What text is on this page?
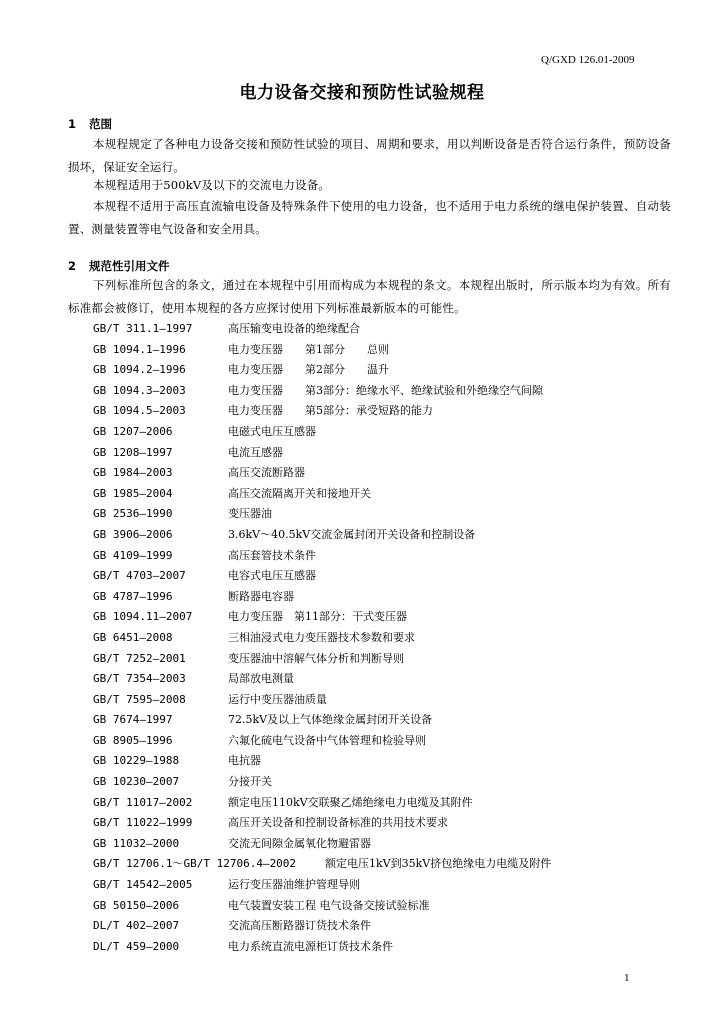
Q/GXD 126.01-2009
电力设备交接和预防性试验规程
1 范围
本规程规定了各种电力设备交接和预防性试验的项目、周期和要求，用以判断设备是否符合运行条件，预防设备损坏，保证安全运行。
本规程适用于500kV及以下的交流电力设备。
本规程不适用于高压直流输电设备及特殊条件下使用的电力设备，也不适用于电力系统的继电保护装置、自动装置、测量装置等电气设备和安全用具。
2 规范性引用文件
下列标准所包含的条文，通过在本规程中引用而构成为本规程的条文。本规程出版时，所示版本均为有效。所有标准都会被修订，使用本规程的各方应探讨使用下列标准最新版本的可能性。
GB/T 311.1—1997	高压输变电设备的绝缘配合
GB 1094.1—1996	电力变压器　　第1部分　　总则
GB 1094.2—1996	电力变压器　　第2部分　　温升
GB 1094.3—2003	电力变压器　　第3部分：绝缘水平、绝缘试验和外绝缘空气间隙
GB 1094.5—2003	电力变压器　　第5部分：承受短路的能力
GB 1207—2006	电磁式电压互感器
GB 1208—1997	电流互感器
GB 1984—2003	高压交流断路器
GB 1985—2004	高压交流隔离开关和接地开关
GB 2536—1990	变压器油
GB 3906—2006	3.6kV～40.5kV交流金属封闭开关设备和控制设备
GB 4109—1999	高压套管技术条件
GB/T 4703—2007	电容式电压互感器
GB 4787—1996	断路器电容器
GB 1094.11—2007	电力变压器　第11部分：干式变压器
GB 6451—2008	三相油浸式电力变压器技术参数和要求
GB/T 7252—2001	变压器油中溶解气体分析和判断导则
GB/T 7354—2003	局部放电测量
GB/T 7595—2008	运行中变压器油质量
GB 7674—1997	72.5kV及以上气体绝缘金属封闭开关设备
GB 8905—1996	六氟化硫电气设备中气体管理和检验导则
GB 10229—1988	电抗器
GB 10230—2007	分接开关
GB/T 11017—2002	额定电压110kV交联聚乙烯绝缘电力电缆及其附件
GB/T 11022—1999	高压开关设备和控制设备标准的共用技术要求
GB 11032—2000	交流无间隙金属氧化物避雷器
GB/T 12706.1～GB/T 12706.4—2002	额定电压1kV到35kV挤包绝缘电力电缆及附件
GB/T 14542—2005	运行变压器油维护管理导则
GB 50150—2006	电气装置安装工程 电气设备交接试验标准
DL/T 402—2007	交流高压断路器订货技术条件
DL/T 459—2000	电力系统直流电源柜订货技术条件
1
